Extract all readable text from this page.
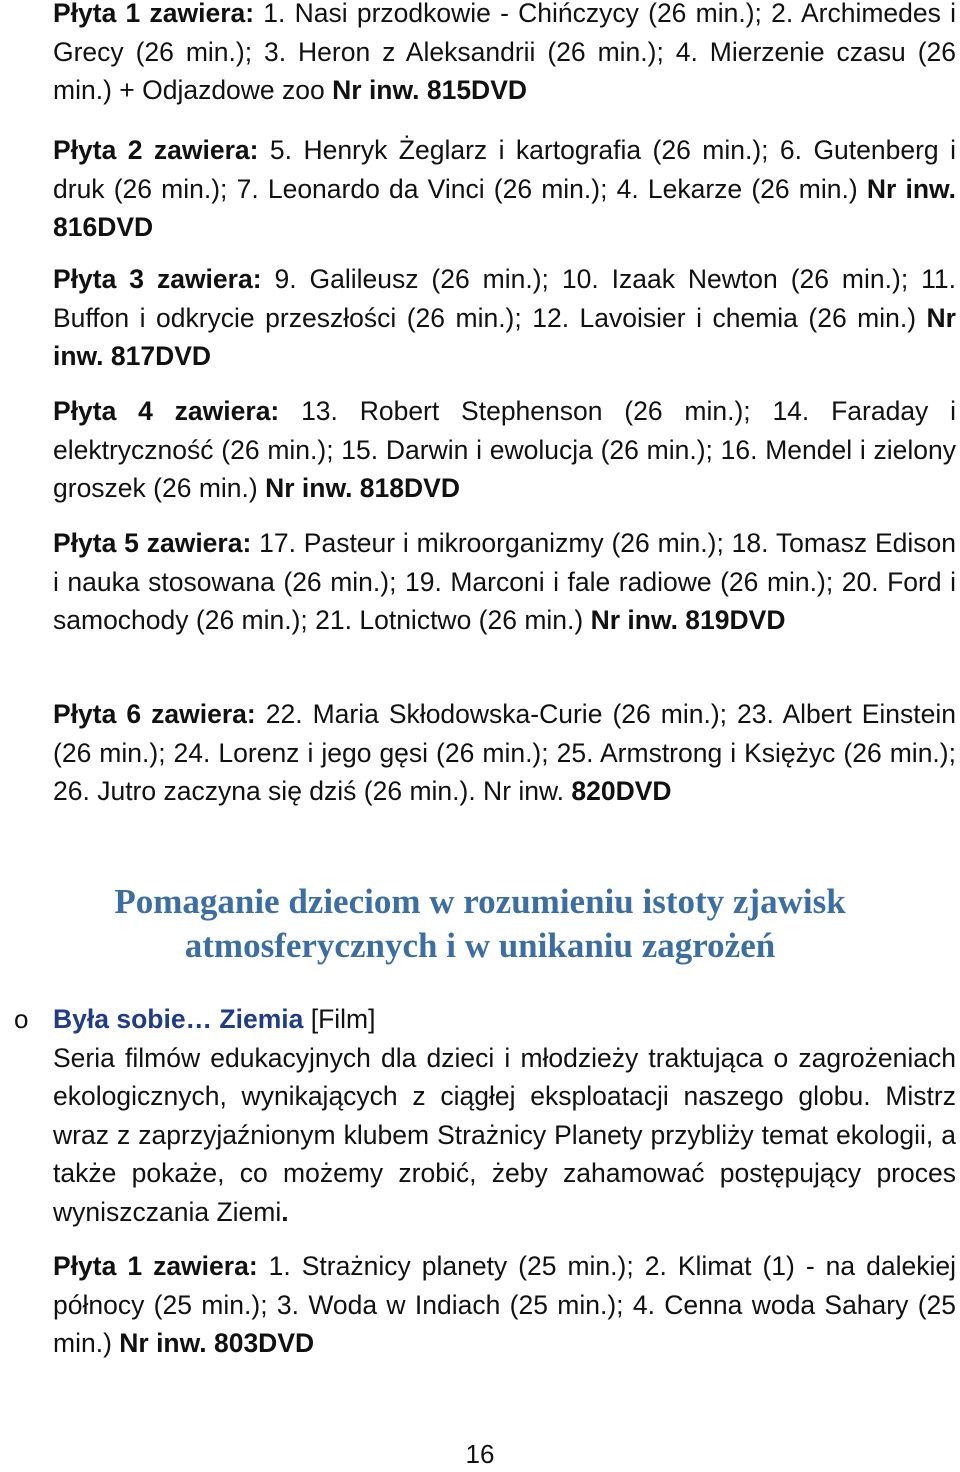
Płyta 1 zawiera: 1. Nasi przodkowie - Chińczycy (26 min.); 2. Archimedes i Grecy (26 min.); 3. Heron z Aleksandrii (26 min.); 4. Mierzenie czasu (26 min.) + Odjazdowe zoo Nr inw. 815DVD

Płyta 2 zawiera: 5. Henryk Żeglarz i kartografia (26 min.); 6. Gutenberg i druk (26 min.); 7. Leonardo da Vinci (26 min.); 4. Lekarze (26 min.) Nr inw. 816DVD

Płyta 3 zawiera: 9. Galileusz (26 min.); 10. Izaak Newton (26 min.); 11. Buffon i odkrycie przeszłości (26 min.); 12. Lavoisier i chemia (26 min.) Nr inw. 817DVD

Płyta 4 zawiera: 13. Robert Stephenson (26 min.); 14. Faraday i elektryczność (26 min.); 15. Darwin i ewolucja (26 min.); 16. Mendel i zielony groszek (26 min.) Nr inw. 818DVD

Płyta 5 zawiera: 17. Pasteur i mikroorganizmy (26 min.); 18. Tomasz Edison i nauka stosowana (26 min.); 19. Marconi i fale radiowe (26 min.); 20. Ford i samochody (26 min.); 21. Lotnictwo (26 min.) Nr inw. 819DVD

Płyta 6 zawiera: 22. Maria Skłodowska-Curie (26 min.); 23. Albert Einstein (26 min.); 24. Lorenz i jego gęsi (26 min.); 25. Armstrong i Księżyc (26 min.); 26. Jutro zaczyna się dziś (26 min.). Nr inw. 820DVD

Pomaganie dzieciom w rozumieniu istoty zjawisk atmosferycznych i w unikaniu zagrożeń
o Była sobie… Ziemia [Film]
Seria filmów edukacyjnych dla dzieci i młodzieży traktująca o zagrożeniach ekologicznych, wynikających z ciągłej eksploatacji naszego globu. Mistrz wraz z zaprzyjaźnionym klubem Strażnicy Planety przybliży temat ekologii, a także pokaże, co możemy zrobić, żeby zahamować postępujący proces wyniszczania Ziemi.

Płyta 1 zawiera: 1. Strażnicy planety (25 min.); 2. Klimat (1) - na dalekiej północy (25 min.); 3. Woda w Indiach (25 min.); 4. Cenna woda Sahary (25 min.) Nr inw. 803DVD

16
